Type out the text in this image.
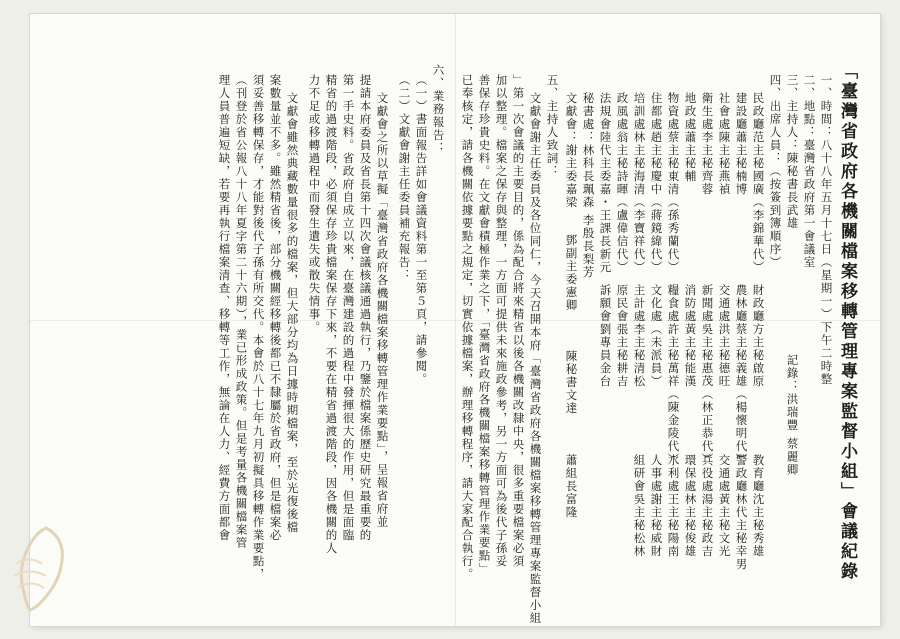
「臺灣省政府各機關檔案移轉管理專案監督小組」會議紀錄
一、時間：八十八年五月十七日（星期一）下午二時整
二、地點：臺灣省政府第一會議室
三、主持人：陳秘書長武雄
四、出席人員：（按簽到簿順序）
記錄：洪瑞豐 蔡麗卿
民政廳范主秘國廣（李錦華代）
財政廳方主秘啟原
教育廳沈主秘秀雄
建設廳蕭主秘楠博
農林廳蔡主秘義雄（楊懷明代）
警政廳林代主秘幸男
社會處陳主秘燕禎
交通處洪主秘德旺
交通處黃主秘文光
衛生處李主秘齊蓉
新聞處吳主秘惠茂（林正恭代）
兵役處湯主秘政吉
地政處蕭主秘輔
消防處黃主秘能漢
環保處林主秘俊雄
物資處蔡主秘東清（孫秀蘭代）
糧食處許主秘萬祥（陳金陵代）
水利處王主秘陽南
住都處趙主秘慶中（蔣鏡緯代）
文化處（未派員）
人事處謝主秘威財
培訓處林主秘海清（李寶祥代）
主計處李主秘清松
組研會吳主秘松林
政風處翁主秘詩暉（盧偉信代）
原民會張主秘耕吉
法規會陸代主委嘉・王課長新元
訴願會劉專員金台
秘書處：林科長珮森
李殷長梨芳
文獻會：謝主委嘉梁
鄧副主委憲卿
陳秘書文達
蕭組長富隆
五、主持人致詞：
文獻會謝主任委員及各位同仁，今天召開本府「臺灣省政府各機關檔案移轉管理專案監督小組
」第一次會議的主要目的，係為配合將來精省以後各機關改隸中央，很多重要檔案必須
加以整理。檔案之保存與整理，一方面可提供未來施政參考，另一方面可為後代子孫妥
善保存珍貴史料。在文獻會積極作業之下，「臺灣省政府各機關檔案移轉管理作業要點」
已奉核定，請各機關依據要點之規定，切實依據檔案，辦理移轉程序，請大家配合執行。
六、業務報告：
（一）書面報告詳如會議資料第一至第５頁，請參閱。
（二）文獻會謝主任委員補充報告：
文獻會之所以草擬「臺灣省政府各機關檔案移轉管理作業要點」，呈報省府並
提請本府委員及省長第十四次會議核議通過執行，乃鑒於檔案係歷史研究最重要的
第一手史料。省政府自成立以來，在臺灣建設的過程中發揮很大的作用，但是面臨
精省的過渡階段，必須保存珍貴檔案保存下來，不要在精省過渡階段，因各機關的人
力不足或移轉過程中而發生遺失或散失情事。
文獻會雖然典藏數量很多的檔案，但大部分均為日據時期檔案，至於光復後檔
案數量並不多。雖然精省後，部分機關經移轉後都已不隸屬於省政府，但是檔案必
須妥善移轉保存，才能對後代子孫有所交代。本會於八十七年九月初擬具移轉作業要點，
（刊登於省公報八十八年夏字第二十六期），業已形成政策。但是考量各機關檔案管
理人員普遍短缺，若要再執行檔案清查、移轉等工作，無論在人力、經費方面都會
